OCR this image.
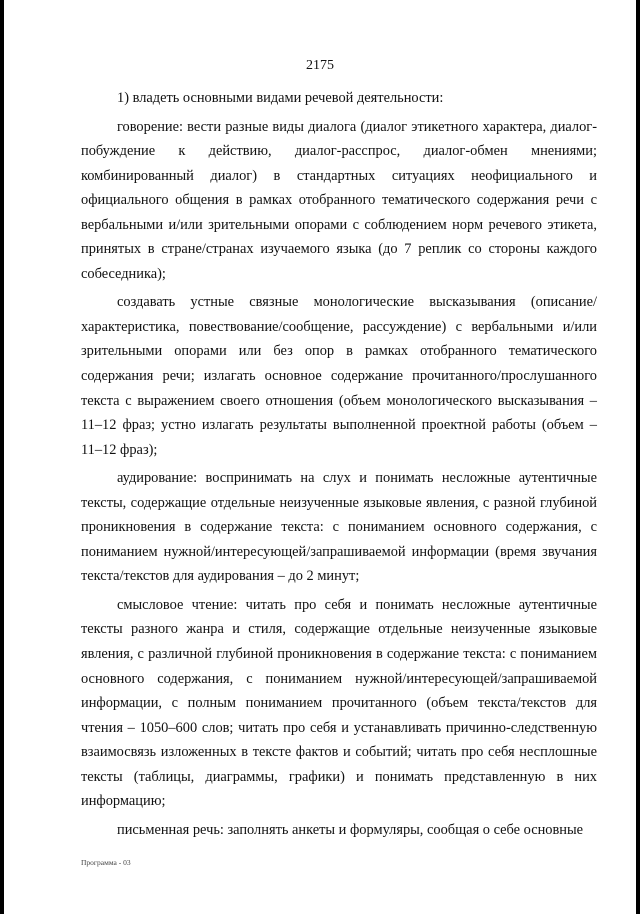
2175

1) владеть основными видами речевой деятельности:

говорение: вести разные виды диалога (диалог этикетного характера, диалог-побуждение к действию, диалог-расспрос, диалог-обмен мнениями; комбинированный диалог) в стандартных ситуациях неофициального и официального общения в рамках отобранного тематического содержания речи с вербальными и/или зрительными опорами с соблюдением норм речевого этикета, принятых в стране/странах изучаемого языка (до 7 реплик со стороны каждого собеседника);

создавать устные связные монологические высказывания (описание/характеристика, повествование/сообщение, рассуждение) с вербальными и/или зрительными опорами или без опор в рамках отобранного тематического содержания речи; излагать основное содержание прочитанного/прослушанного текста с выражением своего отношения (объем монологического высказывания – 11–12 фраз; устно излагать результаты выполненной проектной работы (объем – 11–12 фраз);

аудирование: воспринимать на слух и понимать несложные аутентичные тексты, содержащие отдельные неизученные языковые явления, с разной глубиной проникновения в содержание текста: с пониманием основного содержания, с пониманием нужной/интересующей/запрашиваемой информации (время звучания текста/текстов для аудирования – до 2 минут;

смысловое чтение: читать про себя и понимать несложные аутентичные тексты разного жанра и стиля, содержащие отдельные неизученные языковые явления, с различной глубиной проникновения в содержание текста: с пониманием основного содержания, с пониманием нужной/интересующей/запрашиваемой информации, с полным пониманием прочитанного (объем текста/текстов для чтения – 1050–600 слов; читать про себя и устанавливать причинно-следственную взаимосвязь изложенных в тексте фактов и событий; читать про себя несплошные тексты (таблицы, диаграммы, графики) и понимать представленную в них информацию;

письменная речь: заполнять анкеты и формуляры, сообщая о себе основные

Программа - 03
